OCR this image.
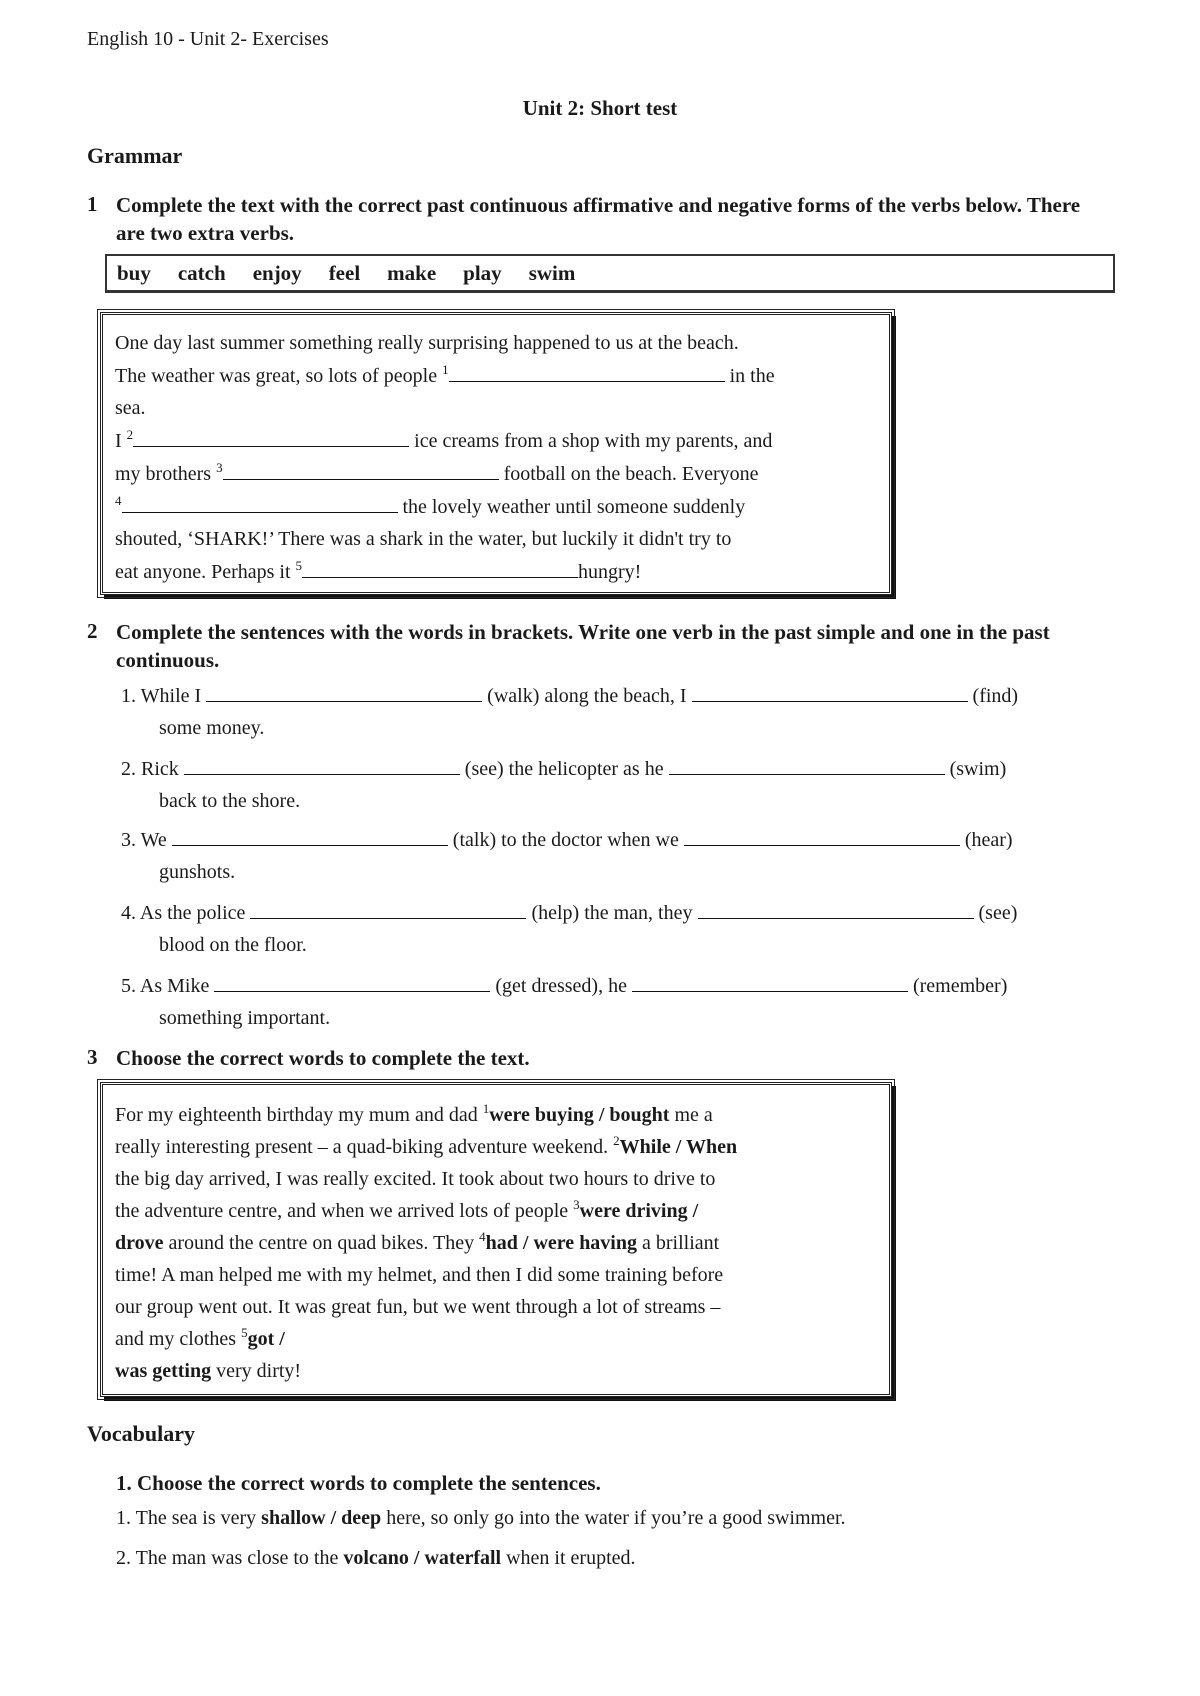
English 10 - Unit 2- Exercises
Unit 2: Short test
Grammar
1 Complete the text with the correct past continuous affirmative and negative forms of the verbs below. There are two extra verbs.
buy catch enjoy feel make play swim
One day last summer something really surprising happened to us at the beach.
The weather was great, so lots of people $^1$	in the
sea.
I $^2$	ice creams from a shop with my parents, and
my brothers $^3$	football on the beach. Everyone
$^4$	the lovely weather until someone suddenly
shouted, ‘SHARK!’ There was a shark in the water, but luckily it didn't try to
eat anyone. Perhaps it $^5$	hungry!
2 Complete the sentences with the words in brackets. Write one verb in the past simple and one in the past continuous.
1. While I	(walk) along the beach, I	(find)
some money.
2. Rick	(see) the helicopter as he	(swim)
back to the shore.
3. We	(talk) to the doctor when we	(hear)
gunshots.
4. As the police	(help) the man, they	(see)
blood on the floor.
5. As Mike	(get dressed), he	(remember)
something important.
3 Choose the correct words to complete the text.
For my eighteenth birthday my mum and dad $^1$were buying / bought me a
really interesting present – a quad-biking adventure weekend. $^2$While / When
the big day arrived, I was really excited. It took about two hours to drive to
the adventure centre, and when we arrived lots of people $^3$were driving /
drove around the centre on quad bikes. They $^4$had / were having a brilliant
time! A man helped me with my helmet, and then I did some training before
our group went out. It was great fun, but we went through a lot of streams –
and my clothes $^5$got /
was getting very dirty!
Vocabulary
1. Choose the correct words to complete the sentences.
1. The sea is very shallow / deep here, so only go into the water if you’re a good swimmer.
2. The man was close to the volcano / waterfall when it erupted.
